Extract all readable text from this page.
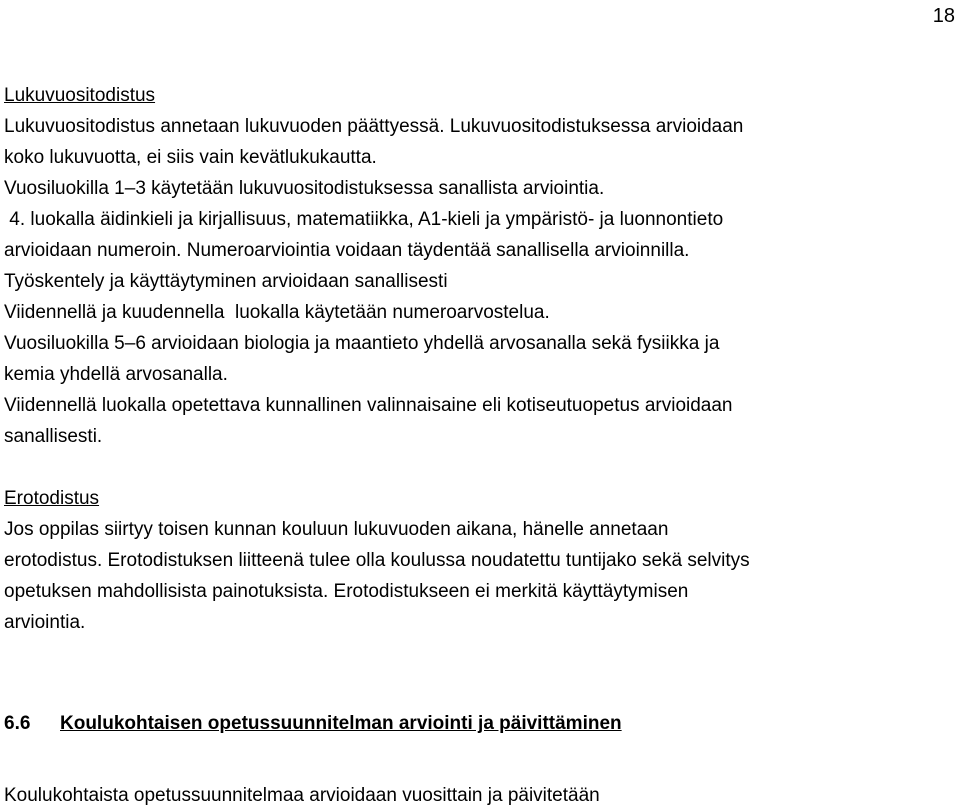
18
Lukuvuositodistus
Lukuvuositodistus annetaan lukuvuoden päättyessä. Lukuvuositodistuksessa arvioidaan
koko lukuvuotta, ei siis vain kevätlukukautta.
Vuosiluokilla 1–3 käytetään lukuvuositodistuksessa sanallista arviointia.
4. luokalla äidinkieli ja kirjallisuus, matematiikka, A1-kieli ja ympäristö- ja luonnontieto
arvioidaan numeroin. Numeroarviointia voidaan täydentää sanallisella arvioinnilla.
Työskentely ja käyttäytyminen arvioidaan sanallisesti
Viidennellä ja kuudennella  luokalla käytetään numeroarvostelua.
Vuosiluokilla 5–6 arvioidaan biologia ja maantieto yhdellä arvosanalla sekä fysiikka ja
kemia yhdellä arvosanalla.
Viidennellä luokalla opetettava kunnallinen valinnaisaine eli kotiseutuopetus arvioidaan
sanallisesti.
Erotodistus
Jos oppilas siirtyy toisen kunnan kouluun lukuvuoden aikana, hänelle annetaan
erotodistus. Erotodistuksen liitteenä tulee olla koulussa noudatettu tuntijako sekä selvitys
opetuksen mahdollisista painotuksista. Erotodistukseen ei merkitä käyttäytymisen
arviointia.
6.6 Koulukohtaisen opetussuunnitelman arviointi ja päivittäminen
Koulukohtaista opetussuunnitelmaa arvioidaan vuosittain ja päivitetään
